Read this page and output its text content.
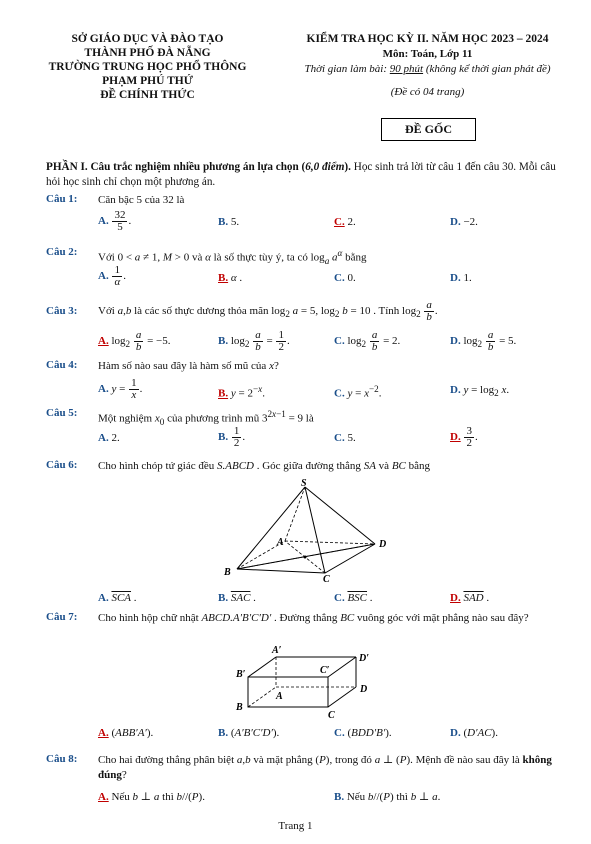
SỞ GIÁO DỤC VÀ ĐÀO TẠO
THÀNH PHỐ ĐÀ NẴNG
TRƯỜNG TRUNG HỌC PHỔ THÔNG
PHẠM PHÚ THỨ
ĐỀ CHÍNH THỨC
KIỂM TRA HỌC KỲ II. NĂM HỌC 2023 – 2024
Môn: Toán, Lớp 11
Thời gian làm bài: 90 phút (không kể thời gian phát đề)
(Đề có 04 trang)
ĐỀ GỐC
PHẦN I. Câu trắc nghiệm nhiều phương án lựa chọn (6,0 điểm). Học sinh trả lời từ câu 1 đến câu 30. Mỗi câu hỏi học sinh chỉ chọn một phương án.
Câu 1: Căn bậc 5 của 32 là
A. $\frac{32}{5}$ .	B. 5.	C. 2.	D. −2.
Câu 2: Với 0 < a ≠ 1, M > 0 và α là số thực tùy ý, ta có $\log_a a^\alpha$ bằng
A. $\frac{1}{\alpha}$ .	B. α .	C. 0.	D. 1.
Câu 3: Với a,b là các số thực dương thỏa mãn $\log_2 a = 5$, $\log_2 b = 10$ . Tính $\log_2 \frac{a}{b}$ .
A. $\log_2 \frac{a}{b} = -5$.	B. $\log_2 \frac{a}{b} = \frac{1}{2}$ .	C. $\log_2 \frac{a}{b} = 2$.	D. $\log_2 \frac{a}{b} = 5$.
Câu 4: Hàm số nào sau đây là hàm số mũ của x?
A. $y = \frac{1}{x}$ .	B. $y = 2^{-x}$.	C. $y = x^{-2}$.	D. $y = \log_2 x$.
Câu 5: Một nghiệm $x_0$ của phương trình mũ $3^{2x-1} = 9$ là
A. 2.	B. $\frac{1}{2}$ .	C. 5.	D. $\frac{3}{2}$ .
Câu 6: Cho hình chóp tứ giác đều S.ABCD . Góc giữa đường thẳng SA và BC bằng
S
A	D
B
C
A. $\overline{SCA}$ .	B. $\overline{SAC}$ .	C. $\overline{BSC}$ .	D. $\overline{SAD}$ .
Câu 7: Cho hình hộp chữ nhật ABCD.A′B′C′D′ . Đường thẳng BC vuông góc với mặt phẳng nào sau đây?
A′
D′
B′	C′
A
D
B
C
A. (ABB′A′).	B. (A′B′C′D′).	C. (BDD′B′).	D. (D′AC).
Câu 8: Cho hai đường thẳng phân biệt a,b và mặt phẳng (P), trong đó a ⊥ (P). Mệnh đề nào sau đây là không đúng?
A. Nếu b ⊥ a thì b//(P).	B. Nếu b//(P) thì b ⊥ a.
Trang 1
